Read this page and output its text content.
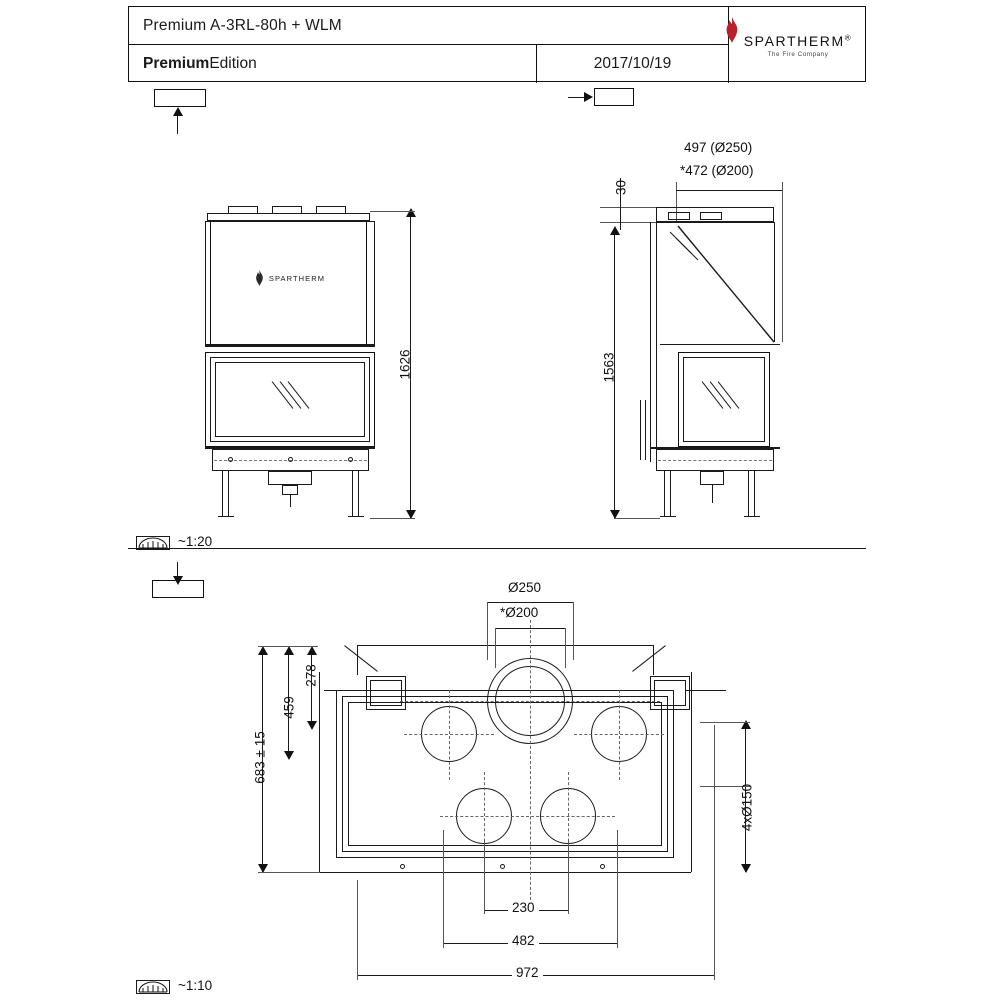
Premium A-3RL-80h + WLM
Premium Edition	2017/10/19
SPARTHERM®
The Fire Company
SPARTHERM
1626
497 (Ø250)
*472 (Ø200)
30
1563
~1:20
Ø250
*Ø200
278
459
683 ± 15
4xØ150
230
482
972
~1:10
